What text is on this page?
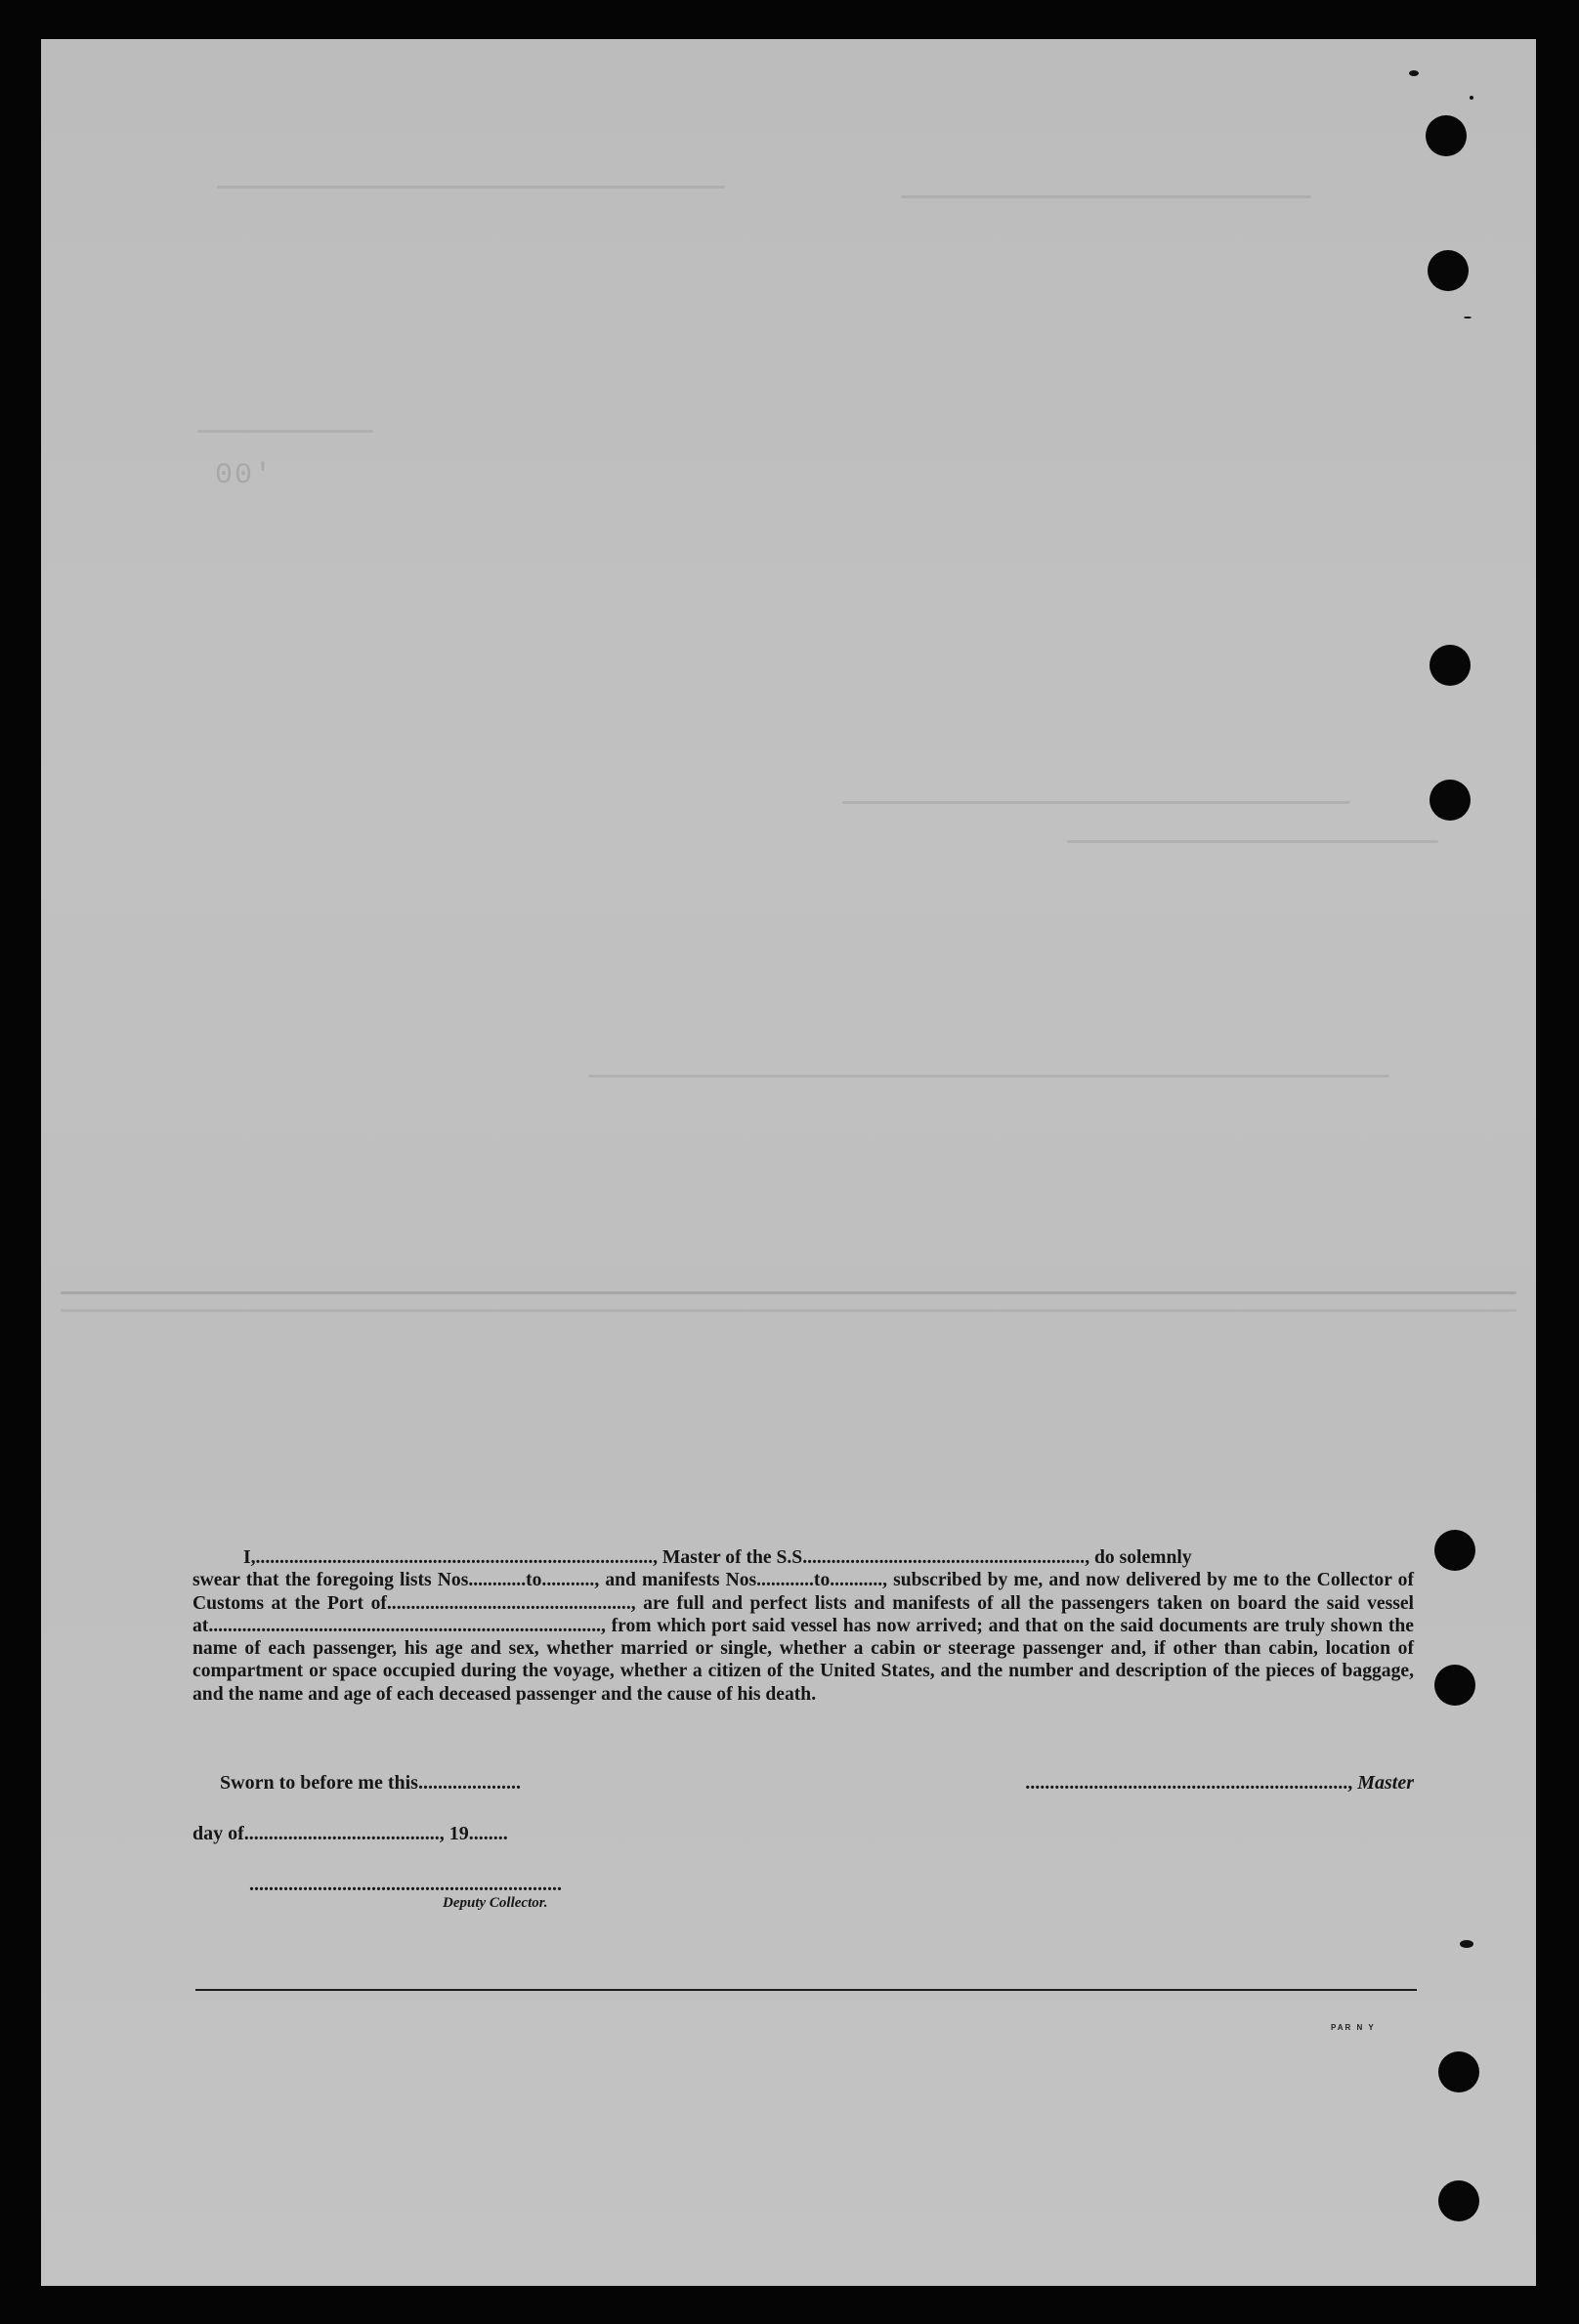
00'
I,..................................................................................., Master of the S.S..........................................................., do solemnly
swear that the foregoing lists Nos............to..........., and manifests Nos............to..........., subscribed by me, and now delivered by me to the Collector of Customs at the Port of..................................................., are full and perfect lists and manifests of all the passengers taken on board the said vessel at.................................................................................., from which port said vessel has now arrived; and that on the said documents are truly shown the name of each passenger, his age and sex, whether married or single, whether a cabin or steerage passenger and, if other than cabin, location of compartment or space occupied during the voyage, whether a citizen of the United States, and the number and description of the pieces of baggage, and the name and age of each deceased passenger and the cause of his death.
Sworn to before me this.....................	.................................................................., Master
day of........................................, 19........
................................................................
Deputy Collector.
PAR N Y
